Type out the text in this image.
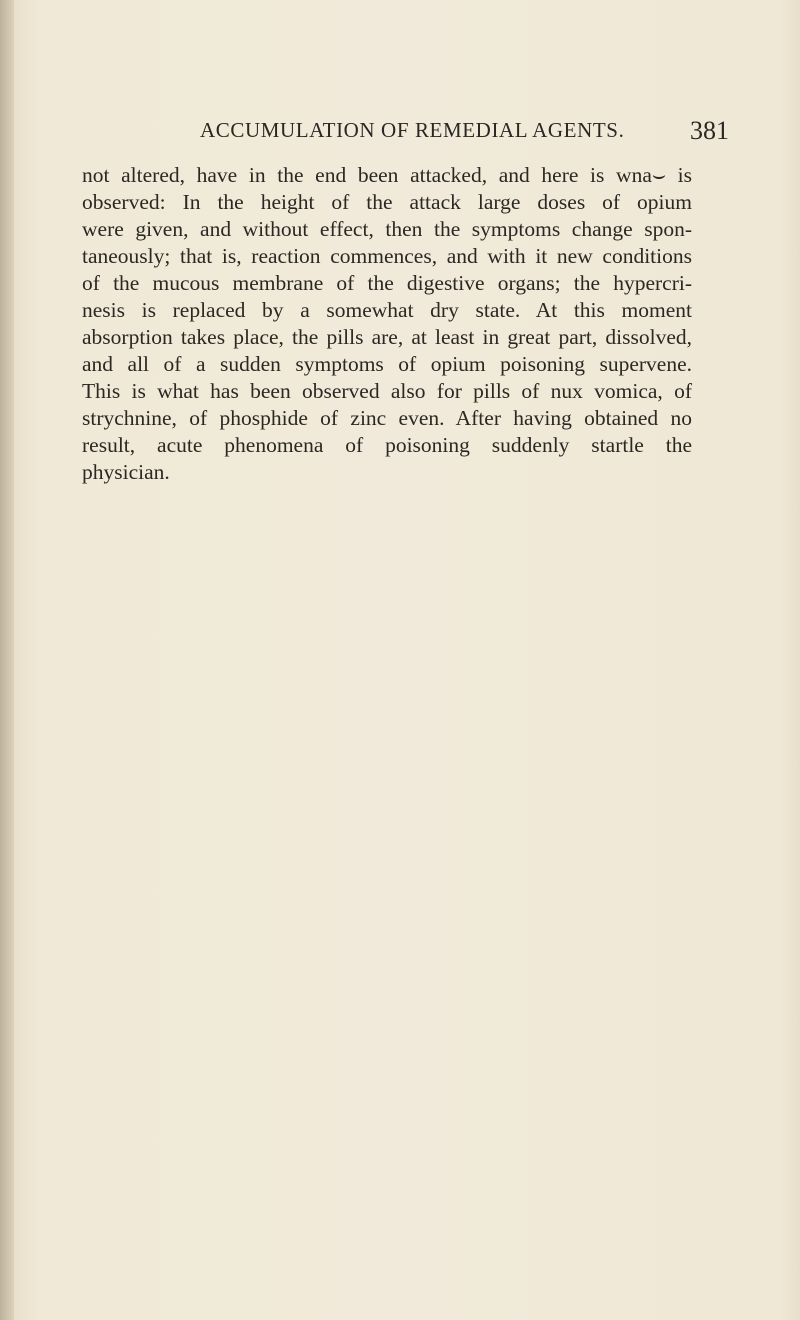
ACCUMULATION OF REMEDIAL AGENTS.	381
not altered, have in the end been attacked, and here is wna⌣ is
observed: In the height of the attack large doses of opium
were given, and without effect, then the symptoms change spon-
taneously; that is, reaction commences, and with it new conditions
of the mucous membrane of the digestive organs; the hypercri-
nesis is replaced by a somewhat dry state. At this moment
absorption takes place, the pills are, at least in great part, dissolved,
and all of a sudden symptoms of opium poisoning supervene.
This is what has been observed also for pills of nux vomica, of
strychnine, of phosphide of zinc even. After having obtained no
result, acute phenomena of poisoning suddenly startle the
physician.
